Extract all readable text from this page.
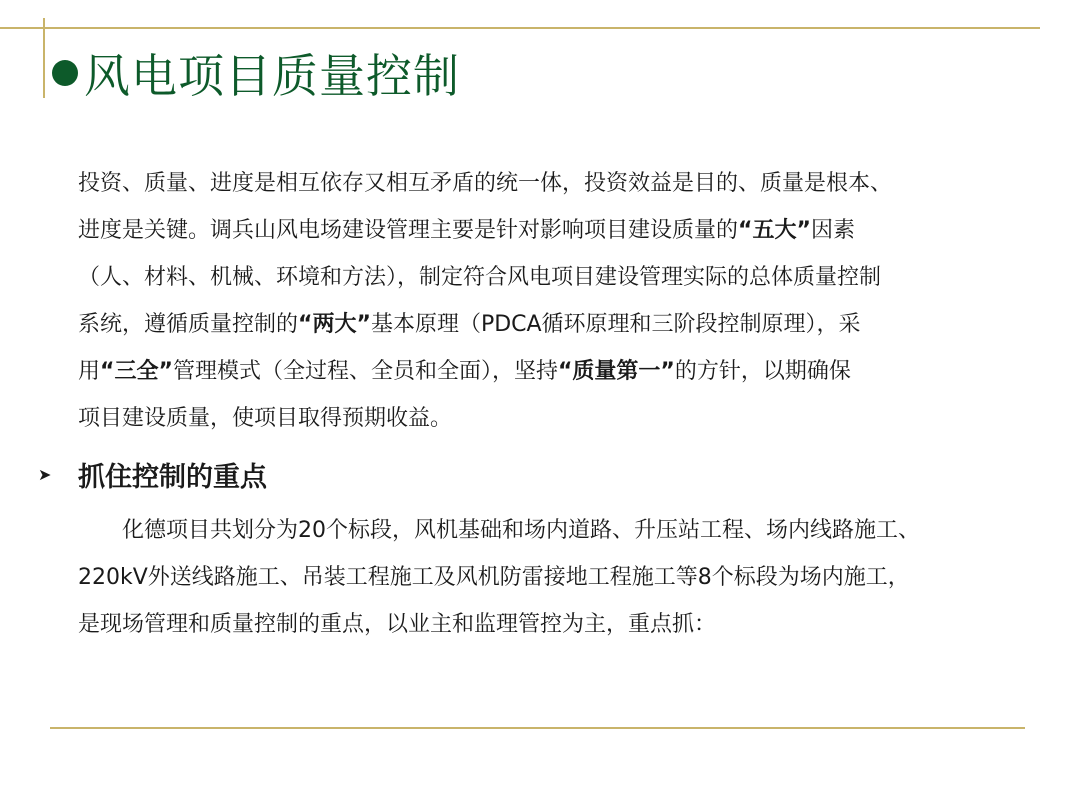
风电项目质量控制
投资、质量、进度是相互依存又相互矛盾的统一体，投资效益是目的、质量是根本、
进度是关键。调兵山风电场建设管理主要是针对影响项目建设质量的“五大”因素
（人、材料、机械、环境和方法），制定符合风电项目建设管理实际的总体质量控制
系统，遵循质量控制的“两大”基本原理（PDCA循环原理和三阶段控制原理），采
用“三全”管理模式（全过程、全员和全面），坚持“质量第一”的方针，以期确保
项目建设质量，使项目取得预期收益。
➤ 抓住控制的重点
化德项目共划分为20个标段，风机基础和场内道路、升压站工程、场内线路施工、
220kV外送线路施工、吊装工程施工及风机防雷接地工程施工等8个标段为场内施工，
是现场管理和质量控制的重点，以业主和监理管控为主，重点抓：
